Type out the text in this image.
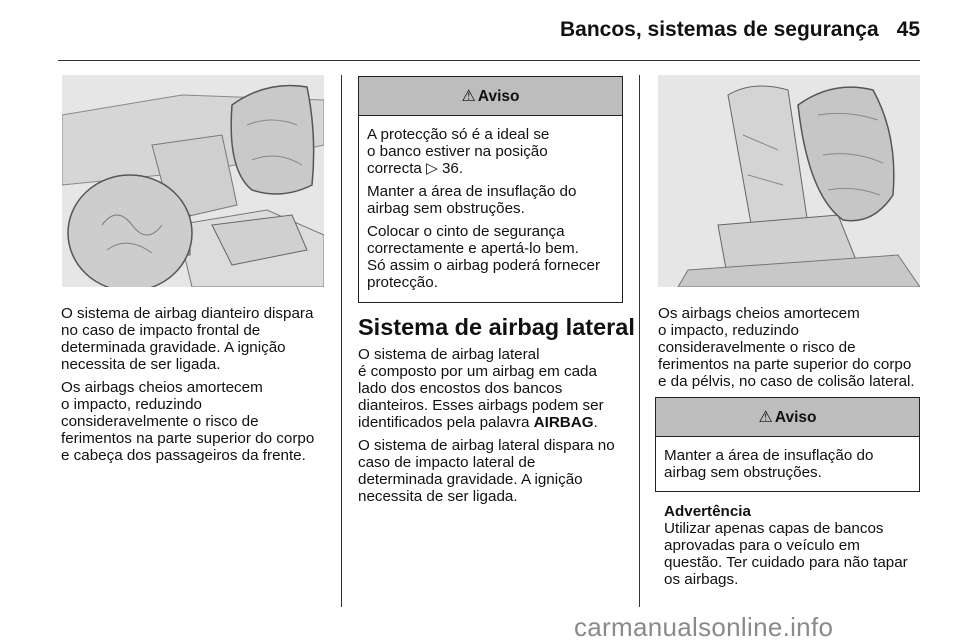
Bancos, sistemas de segurança 45

O sistema de airbag dianteiro dispara
no caso de impacto frontal de
determinada gravidade. A ignição
necessita de ser ligada.

Os airbags cheios amortecem
o impacto, reduzindo
consideravelmente o risco de
ferimentos na parte superior do corpo
e cabeça dos passageiros da frente.

⚠ Aviso

A protecção só é a ideal se
o banco estiver na posição
correcta ▷ 36.

Manter a área de insuflação do
airbag sem obstruções.

Colocar o cinto de segurança
correctamente e apertá-lo bem.
Só assim o airbag poderá fornecer
protecção.

Sistema de airbag lateral

O sistema de airbag lateral
é composto por um airbag em cada
lado dos encostos dos bancos
dianteiros. Esses airbags podem ser
identificados pela palavra AIRBAG.

O sistema de airbag lateral dispara no
caso de impacto lateral de
determinada gravidade. A ignição
necessita de ser ligada.

Os airbags cheios amortecem
o impacto, reduzindo
consideravelmente o risco de
ferimentos na parte superior do corpo
e da pélvis, no caso de colisão lateral.

⚠ Aviso

Manter a área de insuflação do
airbag sem obstruções.

Advertência

Utilizar apenas capas de bancos
aprovadas para o veículo em
questão. Ter cuidado para não tapar
os airbags.

carmanualsonline.info
